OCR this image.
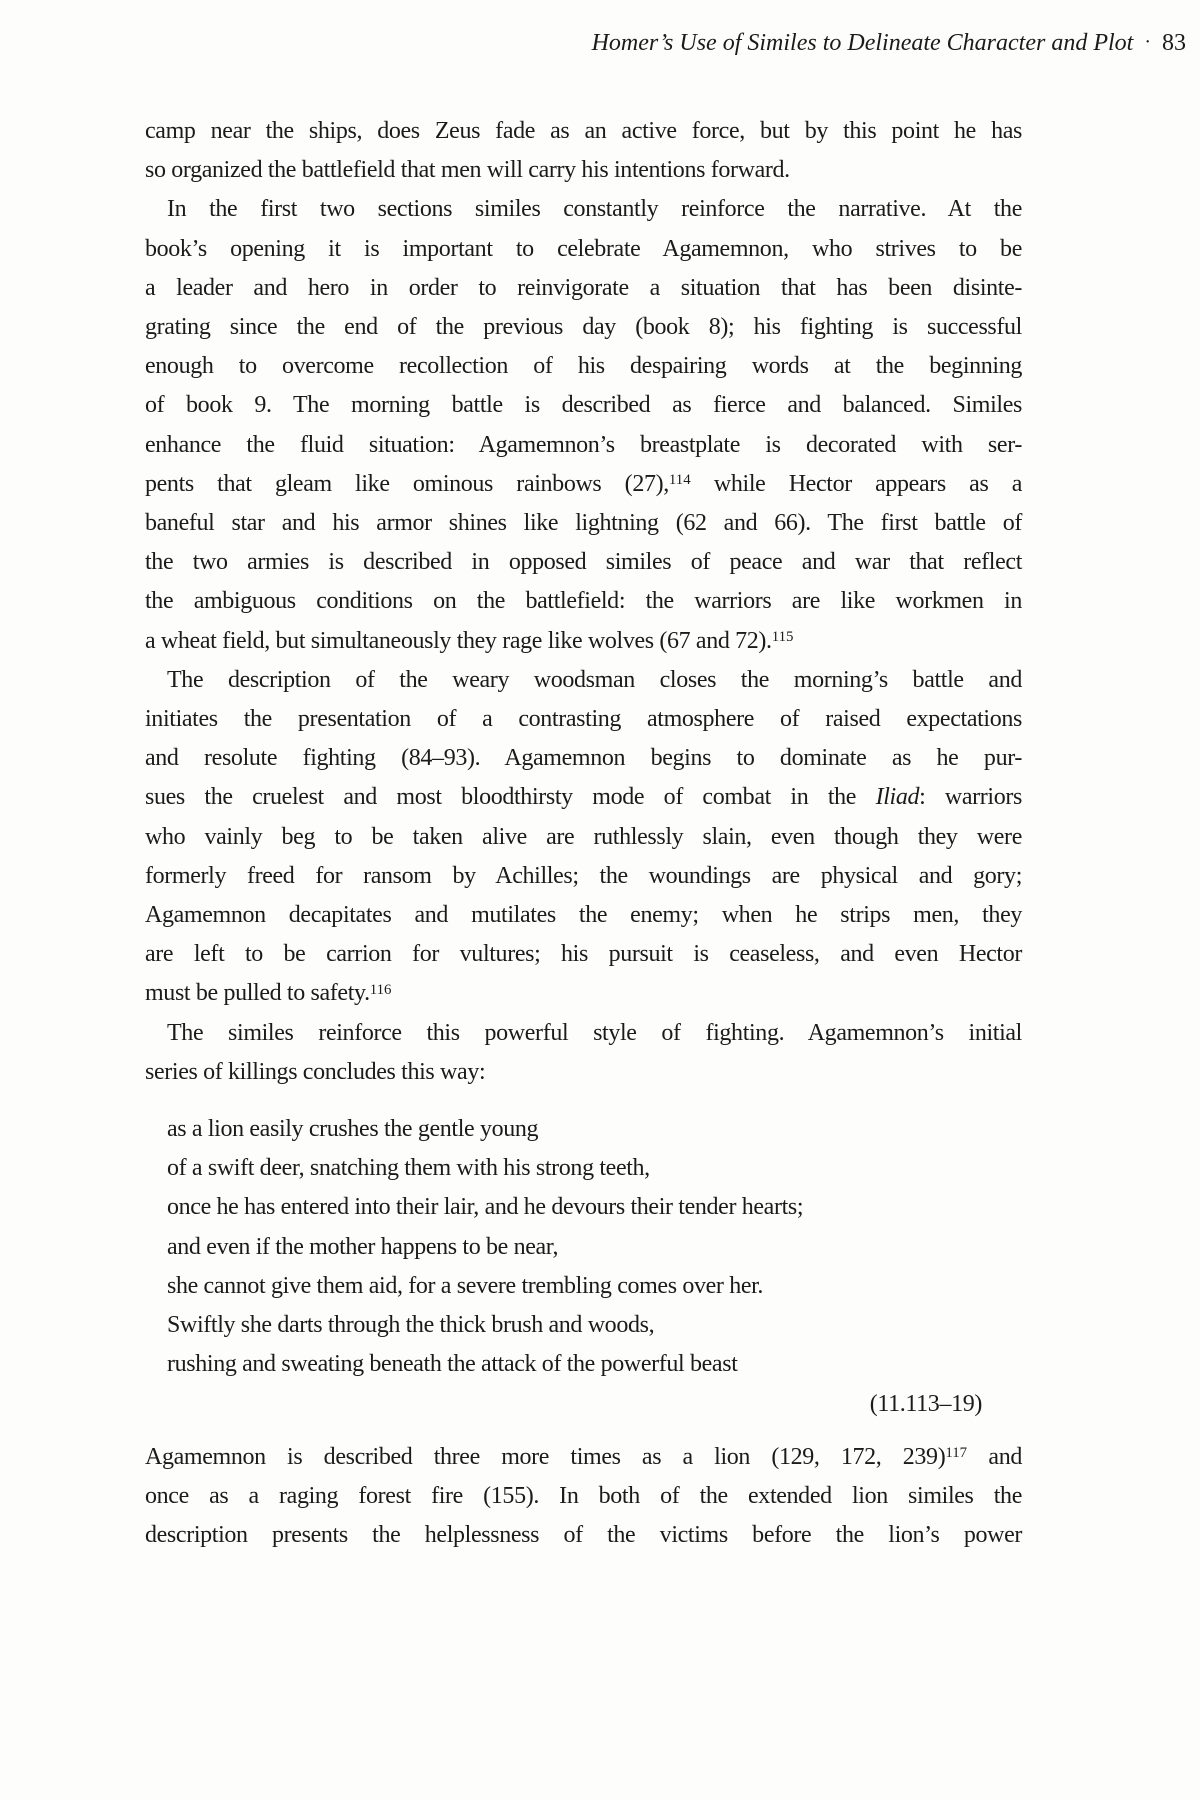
camp near the ships, does Zeus fade as an active force, but by this point he has
so organized the battlefield that men will carry his intentions forward.
In the first two sections similes constantly reinforce the narrative. At the
book’s opening it is important to celebrate Agamemnon, who strives to be
a leader and hero in order to reinvigorate a situation that has been disinte-
grating since the end of the previous day (book 8); his fighting is successful
enough to overcome recollection of his despairing words at the beginning
of book 9. The morning battle is described as fierce and balanced. Similes
enhance the fluid situation: Agamemnon’s breastplate is decorated with ser-
pents that gleam like ominous rainbows (27),$^{114}$ while Hector appears as a
baneful star and his armor shines like lightning (62 and 66). The first battle of
the two armies is described in opposed similes of peace and war that reflect
the ambiguous conditions on the battlefield: the warriors are like workmen in
a wheat field, but simultaneously they rage like wolves (67 and 72).$^{115}$
The description of the weary woodsman closes the morning’s battle and
initiates the presentation of a contrasting atmosphere of raised expectations
and resolute fighting (84–93). Agamemnon begins to dominate as he pur-
sues the cruelest and most bloodthirsty mode of combat in the Iliad: warriors
who vainly beg to be taken alive are ruthlessly slain, even though they were
formerly freed for ransom by Achilles; the woundings are physical and gory;
Agamemnon decapitates and mutilates the enemy; when he strips men, they
are left to be carrion for vultures; his pursuit is ceaseless, and even Hector
must be pulled to safety.$^{116}$
The similes reinforce this powerful style of fighting. Agamemnon’s initial
series of killings concludes this way:
as a lion easily crushes the gentle young
of a swift deer, snatching them with his strong teeth,
once he has entered into their lair, and he devours their tender hearts;
and even if the mother happens to be near,
she cannot give them aid, for a severe trembling comes over her.
Swiftly she darts through the thick brush and woods,
rushing and sweating beneath the attack of the powerful beast
(11.113–19)
Agamemnon is described three more times as a lion (129, 172, 239)$^{117}$ and
once as a raging forest fire (155). In both of the extended lion similes the
description presents the helplessness of the victims before the lion’s power
Homer’s Use of Similes to Delineate Character and Plot · 83
